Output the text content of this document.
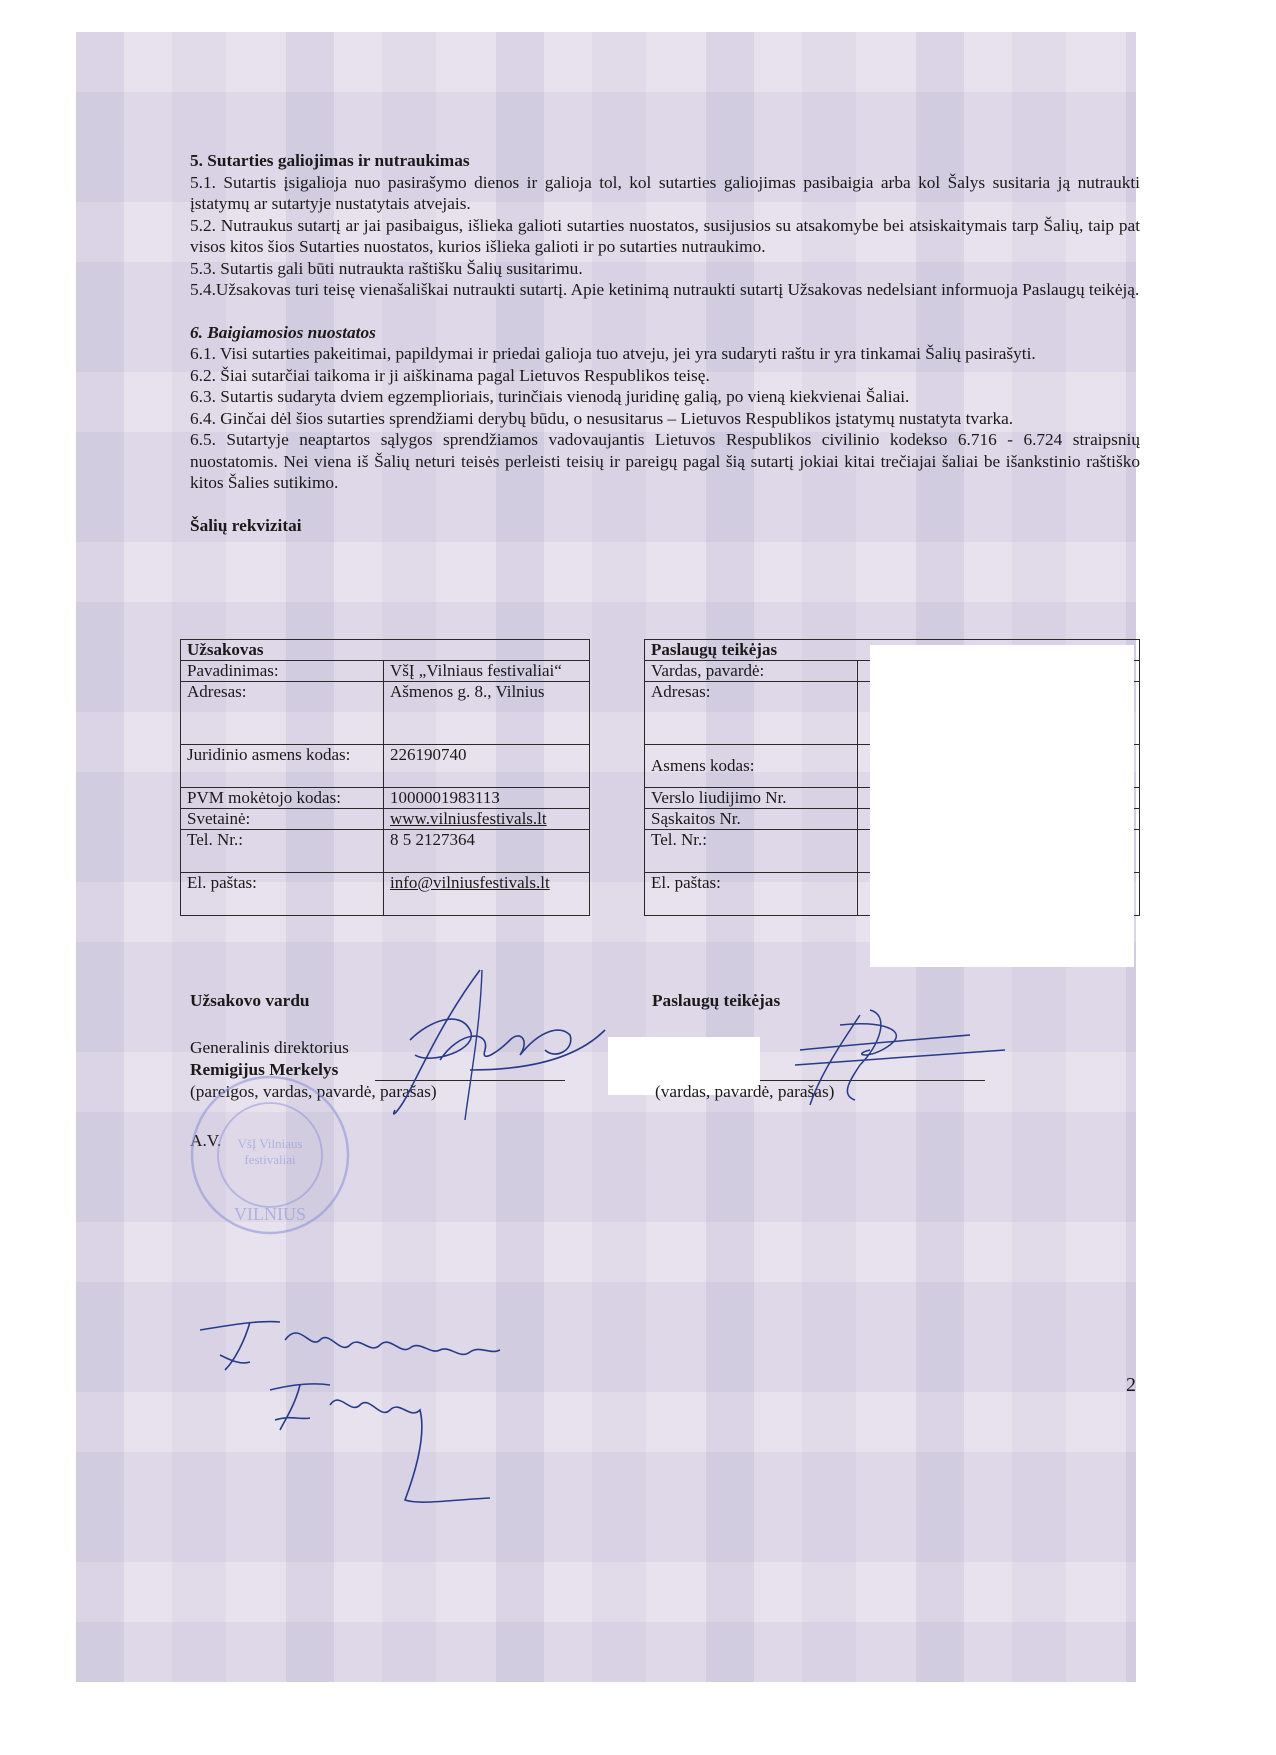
5. Sutarties galiojimas ir nutraukimas

5.1. Sutartis įsigalioja nuo pasirašymo dienos ir galioja tol, kol sutarties galiojimas pasibaigia arba kol Šalys susitaria ją nutraukti įstatymų ar sutartyje nustatytais atvejais.

5.2. Nutraukus sutartį ar jai pasibaigus, išlieka galioti sutarties nuostatos, susijusios su atsakomybe bei atsiskaitymais tarp Šalių, taip pat visos kitos šios Sutarties nuostatos, kurios išlieka galioti ir po sutarties nutraukimo.

5.3. Sutartis gali būti nutraukta raštišku Šalių susitarimu.

5.4.Užsakovas turi teisę vienašališkai nutraukti sutartį. Apie ketinimą nutraukti sutartį Užsakovas nedelsiant informuoja Paslaugų teikėją.

6. Baigiamosios nuostatos

6.1. Visi sutarties pakeitimai, papildymai ir priedai galioja tuo atveju, jei yra sudaryti raštu ir yra tinkamai Šalių pasirašyti.

6.2. Šiai sutarčiai taikoma ir ji aiškinama pagal Lietuvos Respublikos teisę.

6.3. Sutartis sudaryta dviem egzemplioriais, turinčiais vienodą juridinę galią, po vieną kiekvienai Šaliai.

6.4. Ginčai dėl šios sutarties sprendžiami derybų būdu, o nesusitarus – Lietuvos Respublikos įstatymų nustatyta tvarka.

6.5. Sutartyje neaptartos sąlygos sprendžiamos vadovaujantis Lietuvos Respublikos civilinio kodekso 6.716 - 6.724 straipsnių nuostatomis. Nei viena iš Šalių neturi teisės perleisti teisių ir pareigų pagal šią sutartį jokiai kitai trečiajai šaliai be išankstinio raštiško kitos Šalies sutikimo.

Šalių rekvizitai

Užsakovas	
Pavadinimas:	VšĮ „Vilniaus festivaliai“
Adresas:	Ašmenos g. 8., Vilnius
Juridinio asmens kodas:	226190740
PVM mokėtojo kodas:	100000198311З
Svetainė:	www.vilniusfestivals.lt
Tel. Nr.:	8 5 2127364
El. paštas:	info@vilniusfestivals.lt
Paslaugų teikėjas	
Vardas, pavardė:	
Adresas:	
Asmens kodas:	
Verslo liudijimo Nr.	
Sąskaitos Nr.	
Tel. Nr.:	
El. paštas:	
Užsakovo vardu
Generalinis direktorius
Remigijus Merkelys
(pareigos, vardas, pavardė, parašas)
A.V.
VILNIUS
VšĮ Vilniaus
festivaliai
Paslaugų teikėjas
(vardas, pavardė, parašas)
2
